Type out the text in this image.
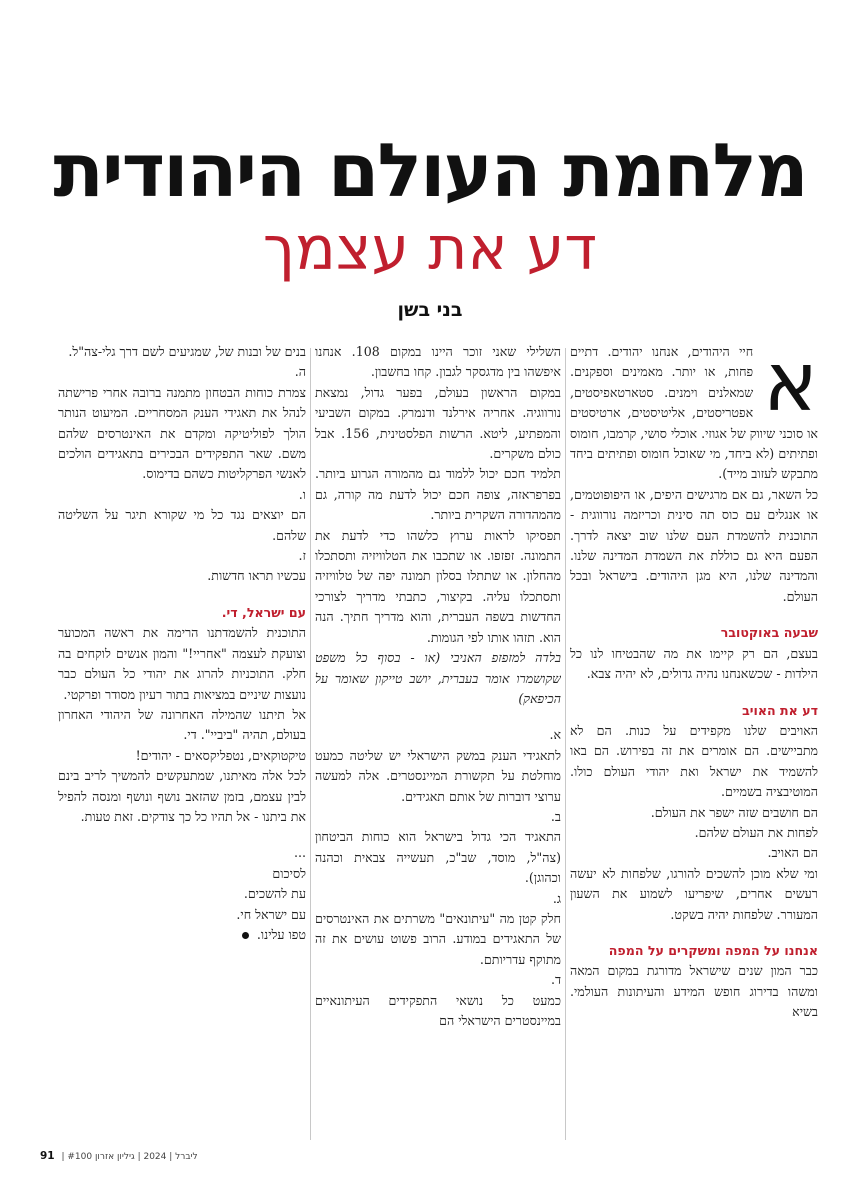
מלחמת העולם היהודית
דע את עצמך
בני בשן
א

חיי היהודים, אנחנו יהודים. דתיים פחות, או יותר. מאמינים וספקנים. שמאלנים וימנים. סטארטאפיסטים, אפטריסטים, אליטיסטים, ארטיסטים או סוכני שיווק של אגוזי. אוכלי סושי, קרמבו, חומוס ופתיתים (לא ביחד, מי שאוכל חומוס ופתיתים ביחד מתבקש לעזוב מייד).

כל השאר, גם אם מרגישים היפים, או היפופוטמים, או אנגלים עם כוס תה סינית וכריזמה נורווגית - התוכנית להשמדת העם שלנו שוב יצאה לדרך. הפעם היא גם כוללת את השמדת המדינה שלנו. והמדינה שלנו, היא מגן היהודים. בישראל ובכל העולם.

שבעה באוקטובר

בעצם, הם רק קיימו את מה שהבטיחו לנו כל הילדות - שכשאנחנו נהיה גדולים, לא יהיה צבא.

דע את האויב

האויבים שלנו מקפידים על כנות. הם לא מתביישים. הם אומרים את זה בפירוש. הם באו להשמיד את ישראל ואת יהודי העולם כולו. המוטיבציה בשמיים.

הם חושבים שזה ישפר את העולם.

לפחות את העולם שלהם.

הם האויב.

ומי שלא מוכן להשכים להורגו, שלפחות לא יעשה רעשים אחרים, שיפריעו לשמוע את השעון המעורר. שלפחות יהיה בשקט.

אנחנו על המפה ומשקרים על המפה

כבר המון שנים שישראל מדורגת במקום המאה ומשהו בדירוג חופש המידע והעיתונות העולמי. בשיא

השלילי שאני זוכר היינו במקום 108. אנחנו איפשהו בין מדגסקר לגבון. קחו בחשבון.

במקום הראשון בעולם, בפער גדול, נמצאת נורווגיה. אחריה אירלנד ודנמרק. במקום השביעי והמפתיע, ליטא. הרשות הפלסטינית, 156. אבל כולם משקרים.

תלמיד חכם יכול ללמוד גם מהמורה הגרוע ביותר. בפרפראזה, צופה חכם יכול לדעת מה קורה, גם מהמהדורה השקרית ביותר.

תפסיקו לראות ערוץ כלשהו כדי לדעת את התמונה. זפזפו. או שתכבו את הטלוויזיה ותסתכלו מהחלון. או שתתלו בסלון תמונה יפה של טלוויזיה ותסתכלו עליה. בקיצור, כתבתי מדריך לצורכי החדשות בשפה העברית, והוא מדריך חתיך. הנה הוא. תזהו אותו לפי הגומות.

בלדה למזפזפ האניבי (או - בסוף כל משפט שקושמרו אומר בעברית, יושב טייקון שאומר על הכיפאק)

א.

לתאגידי הענק במשק הישראלי יש שליטה כמעט מוחלטת על תקשורת המיינסטרים. אלה למעשה ערוצי דוברות של אותם תאגידים.

ב.

התאגיד הכי גדול בישראל הוא כוחות הביטחון (צה"ל, מוסד, שב"כ, תעשייה צבאית וכהנה וכהוגן).

ג.

חלק קטן מה "עיתונאים" משרתים את האינטרסים של התאגידים במודע. הרוב פשוט עושים את זה מתוקף עדריותם.

ד.

כמעט כל נושאי התפקידים העיתונאיים במיינסטרים הישראלי הם

בנים של ובנות של, שמגיעים לשם דרך גלי-צה"ל.

ה.

צמרת כוחות הבטחון מתמנה ברובה אחרי פרישתה לנהל את תאגידי הענק המסחריים. המיעוט הנותר הולך לפוליטיקה ומקדם את האינטרסים שלהם משם. שאר התפקידים הבכירים בתאגידים הולכים לאנשי הפרקליטות כשהם בדימוס.

ו.

הם יוצאים נגד כל מי שקורא תיגר על השליטה שלהם.

ז.

עכשיו תראו חדשות.

עם ישראל, די.

התוכנית להשמדתנו הרימה את ראשה המכוער וצועקת לעצמה "אחריי!" והמון אנשים לוקחים בה חלק. התוכניות להרוג את יהודי כל העולם כבר נועצות שיניים במציאות בתור רעיון מסודר ופרקטי.

אל תיתנו שהמילה האחרונה של היהודי האחרון בעולם, תהיה "ביביי". די.

טיקטוקאים, נטפליקסאים - יהודים!

לכל אלה מאיתנו, שמתעקשים להמשיך לריב בינם לבין עצמם, בזמן שהזאב נושף ונושף ומנסה להפיל את ביתנו - אל תהיו כל כך צודקים. זאת טעות.

...

לסיכום

עת להשכים.

עם ישראל חי.

טפו עלינו.

91 | #100 ליברל | 2024 | גיליון אזרון
